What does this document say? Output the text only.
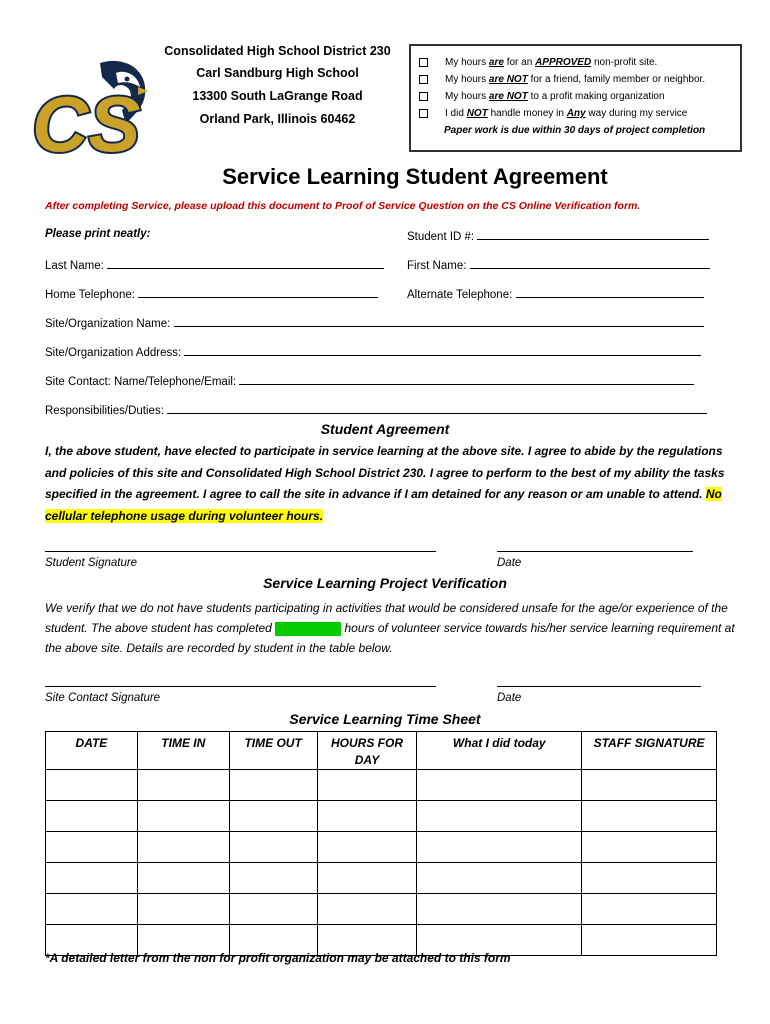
CS
Consolidated High School District 230
Carl Sandburg High School
13300 South LaGrange Road
Orland Park, Illinois 60462
My hours are for an APPROVED non-profit site.
My hours are NOT for a friend, family member or neighbor.
My hours are NOT to a profit making organization
I did NOT handle money in Any way during my service
Paper work is due within 30 days of project completion
Service Learning Student Agreement
After completing Service, please upload this document to Proof of Service Question on the CS Online Verification form.
Please print neatly:	Student ID #:
Last Name:	First Name:
Home Telephone:	Alternate Telephone:
Site/Organization Name:
Site/Organization Address:
Site Contact: Name/Telephone/Email:
Responsibilities/Duties:
Student Agreement
I, the above student, have elected to participate in service learning at the above site. I agree to abide by the regulations and policies of this site and Consolidated High School District 230. I agree to perform to the best of my ability the tasks specified in the agreement. I agree to call the site in advance if I am detained for any reason or am unable to attend. No cellular telephone usage during volunteer hours.
Student Signature	Date
Service Learning Project Verification
We verify that we do not have students participating in activities that would be considered unsafe for the age/or experience of the student. The above student has completed	hours of volunteer service towards his/her service learning requirement at the above site. Details are recorded by student in the table below.
Site Contact Signature	Date
Service Learning Time Sheet
DATE	TIME IN	TIME OUT	HOURS FOR DAY	What I did today	STAFF SIGNATURE

*A detailed letter from the non for profit organization may be attached to this form
